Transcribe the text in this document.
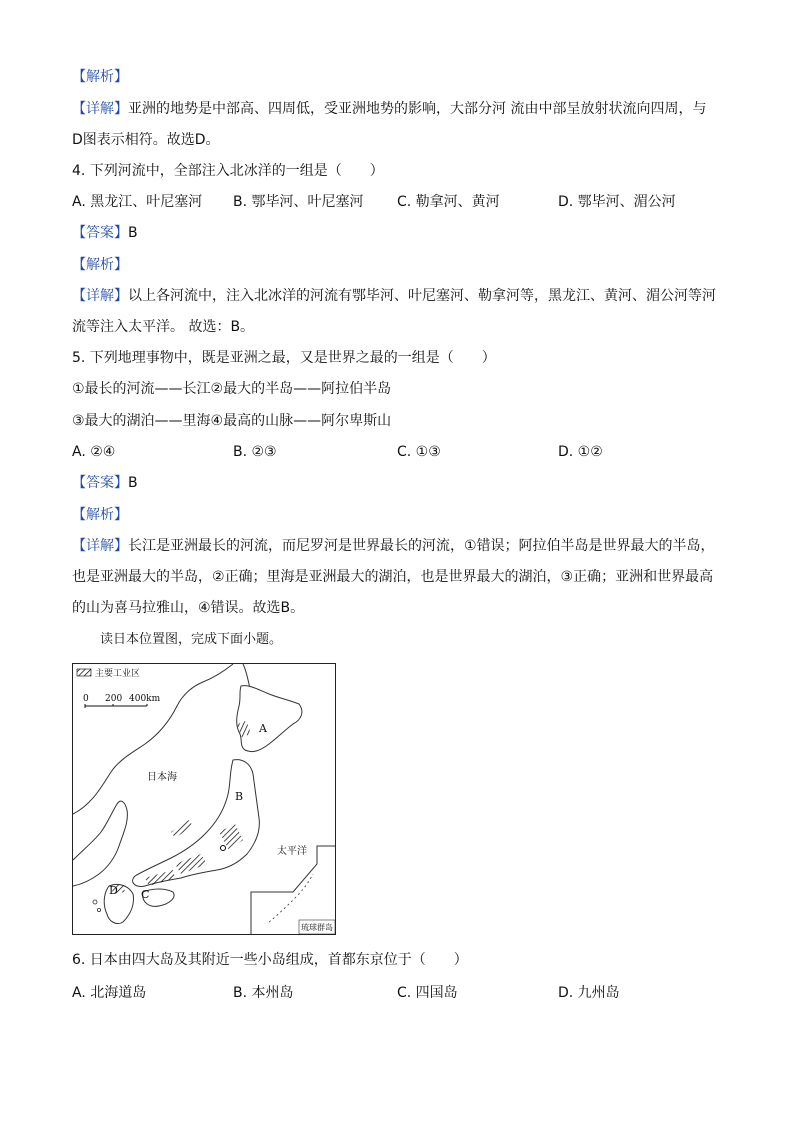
【解析】
【详解】亚洲的地势是中部高、四周低，受亚洲地势的影响，大部分河 流由中部呈放射状流向四周，与
D图表示相符。故选D。
4. 下列河流中，全部注入北冰洋的一组是（　　）
A. 黑龙江、叶尼塞河 B. 鄂毕河、叶尼塞河 C. 勒拿河、黄河	D. 鄂毕河、湄公河
【答案】B
【解析】
【详解】以上各河流中，注入北冰洋的河流有鄂毕河、叶尼塞河、勒拿河等，黑龙江、黄河、湄公河等河
流等注入太平洋。 故选：B。
5. 下列地理事物中，既是亚洲之最，又是世界之最的一组是（　　）
①最长的河流——长江②最大的半岛——阿拉伯半岛
③最大的湖泊——里海④最高的山脉——阿尔卑斯山
A. ②④	B. ②③	C. ①③	D. ①②
【答案】B
【解析】
【详解】长江是亚洲最长的河流，而尼罗河是世界最长的河流，①错误；阿拉伯半岛是世界最大的半岛，
也是亚洲最大的半岛，②正确；里海是亚洲最大的湖泊，也是世界最大的湖泊，③正确；亚洲和世界最高
的山为喜马拉雅山，④错误。故选B。
读日本位置图，完成下面小题。
主要工业区
0 200 400km
日本海
太平洋
A
B
C
D
琉球群岛
6. 日本由四大岛及其附近一些小岛组成，首都东京位于（　　）
A. 北海道岛	B. 本州岛	C. 四国岛	D. 九州岛
